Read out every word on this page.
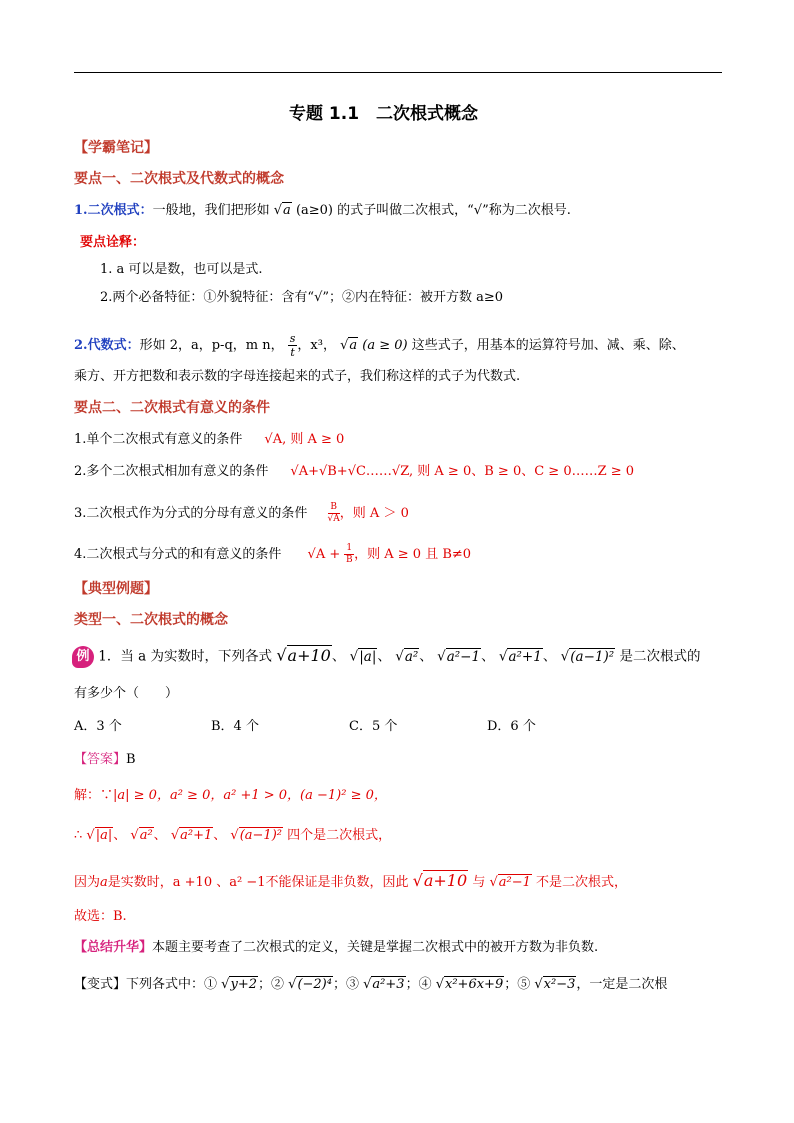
专题 1.1　二次根式概念
【学霸笔记】
要点一、二次根式及代数式的概念
1.二次根式：一般地，我们把形如 √a (a≥0) 的式子叫做二次根式，“√”称为二次根号.
要点诠释：
1. a 可以是数，也可以是式.
2.两个必备特征：①外貌特征：含有“√”；②内在特征：被开方数 a≥0
2.代数式：形如 2，a，p-q，m n， $\frac{s}{t}$ ，x³， √a (a ≥ 0) 这些式子，用基本的运算符号加、减、乘、除、
乘方、开方把数和表示数的字母连接起来的式子，我们称这样的式子为代数式.
要点二、二次根式有意义的条件
1.单个二次根式有意义的条件 √A, 则 A ≥ 0
2.多个二次根式相加有意义的条件 √A+√B+√C……√Z, 则 A ≥ 0、B ≥ 0、C ≥ 0……Z ≥ 0
3.二次根式作为分式的分母有意义的条件 $\frac{B}{√A}$ ，则 A ＞ 0
4.二次根式与分式的和有意义的条件 $√A + \frac{1}{B}$ ，则 A ≥ 0 且 B≠0
【典型例题】
类型一、二次根式的概念
例 1．当 a 为实数时，下列各式 √a+10、 √|a|、 √a²、 √a²−1、 √a²+1、 √(a−1)² 是二次根式的
有多少个（　　）
A．3 个	B．4 个	C．5 个	D．6 个
【答案】B
解：∵|a| ≥ 0，a² ≥ 0，a² +1 > 0，(a −1)² ≥ 0，
∴ √|a|、 √a²、 √a²+1、 √(a−1)² 四个是二次根式，
因为a是实数时，a +10 、a² −1不能保证是非负数，因此 √a+10 与 √a²−1 不是二次根式，
故选：B.
【总结升华】本题主要考查了二次根式的定义，关键是掌握二次根式中的被开方数为非负数.
【变式】下列各式中：① √y+2；② √(−2)⁴；③ √a²+3；④ √x²+6x+9；⑤ √x²−3，一定是二次根
